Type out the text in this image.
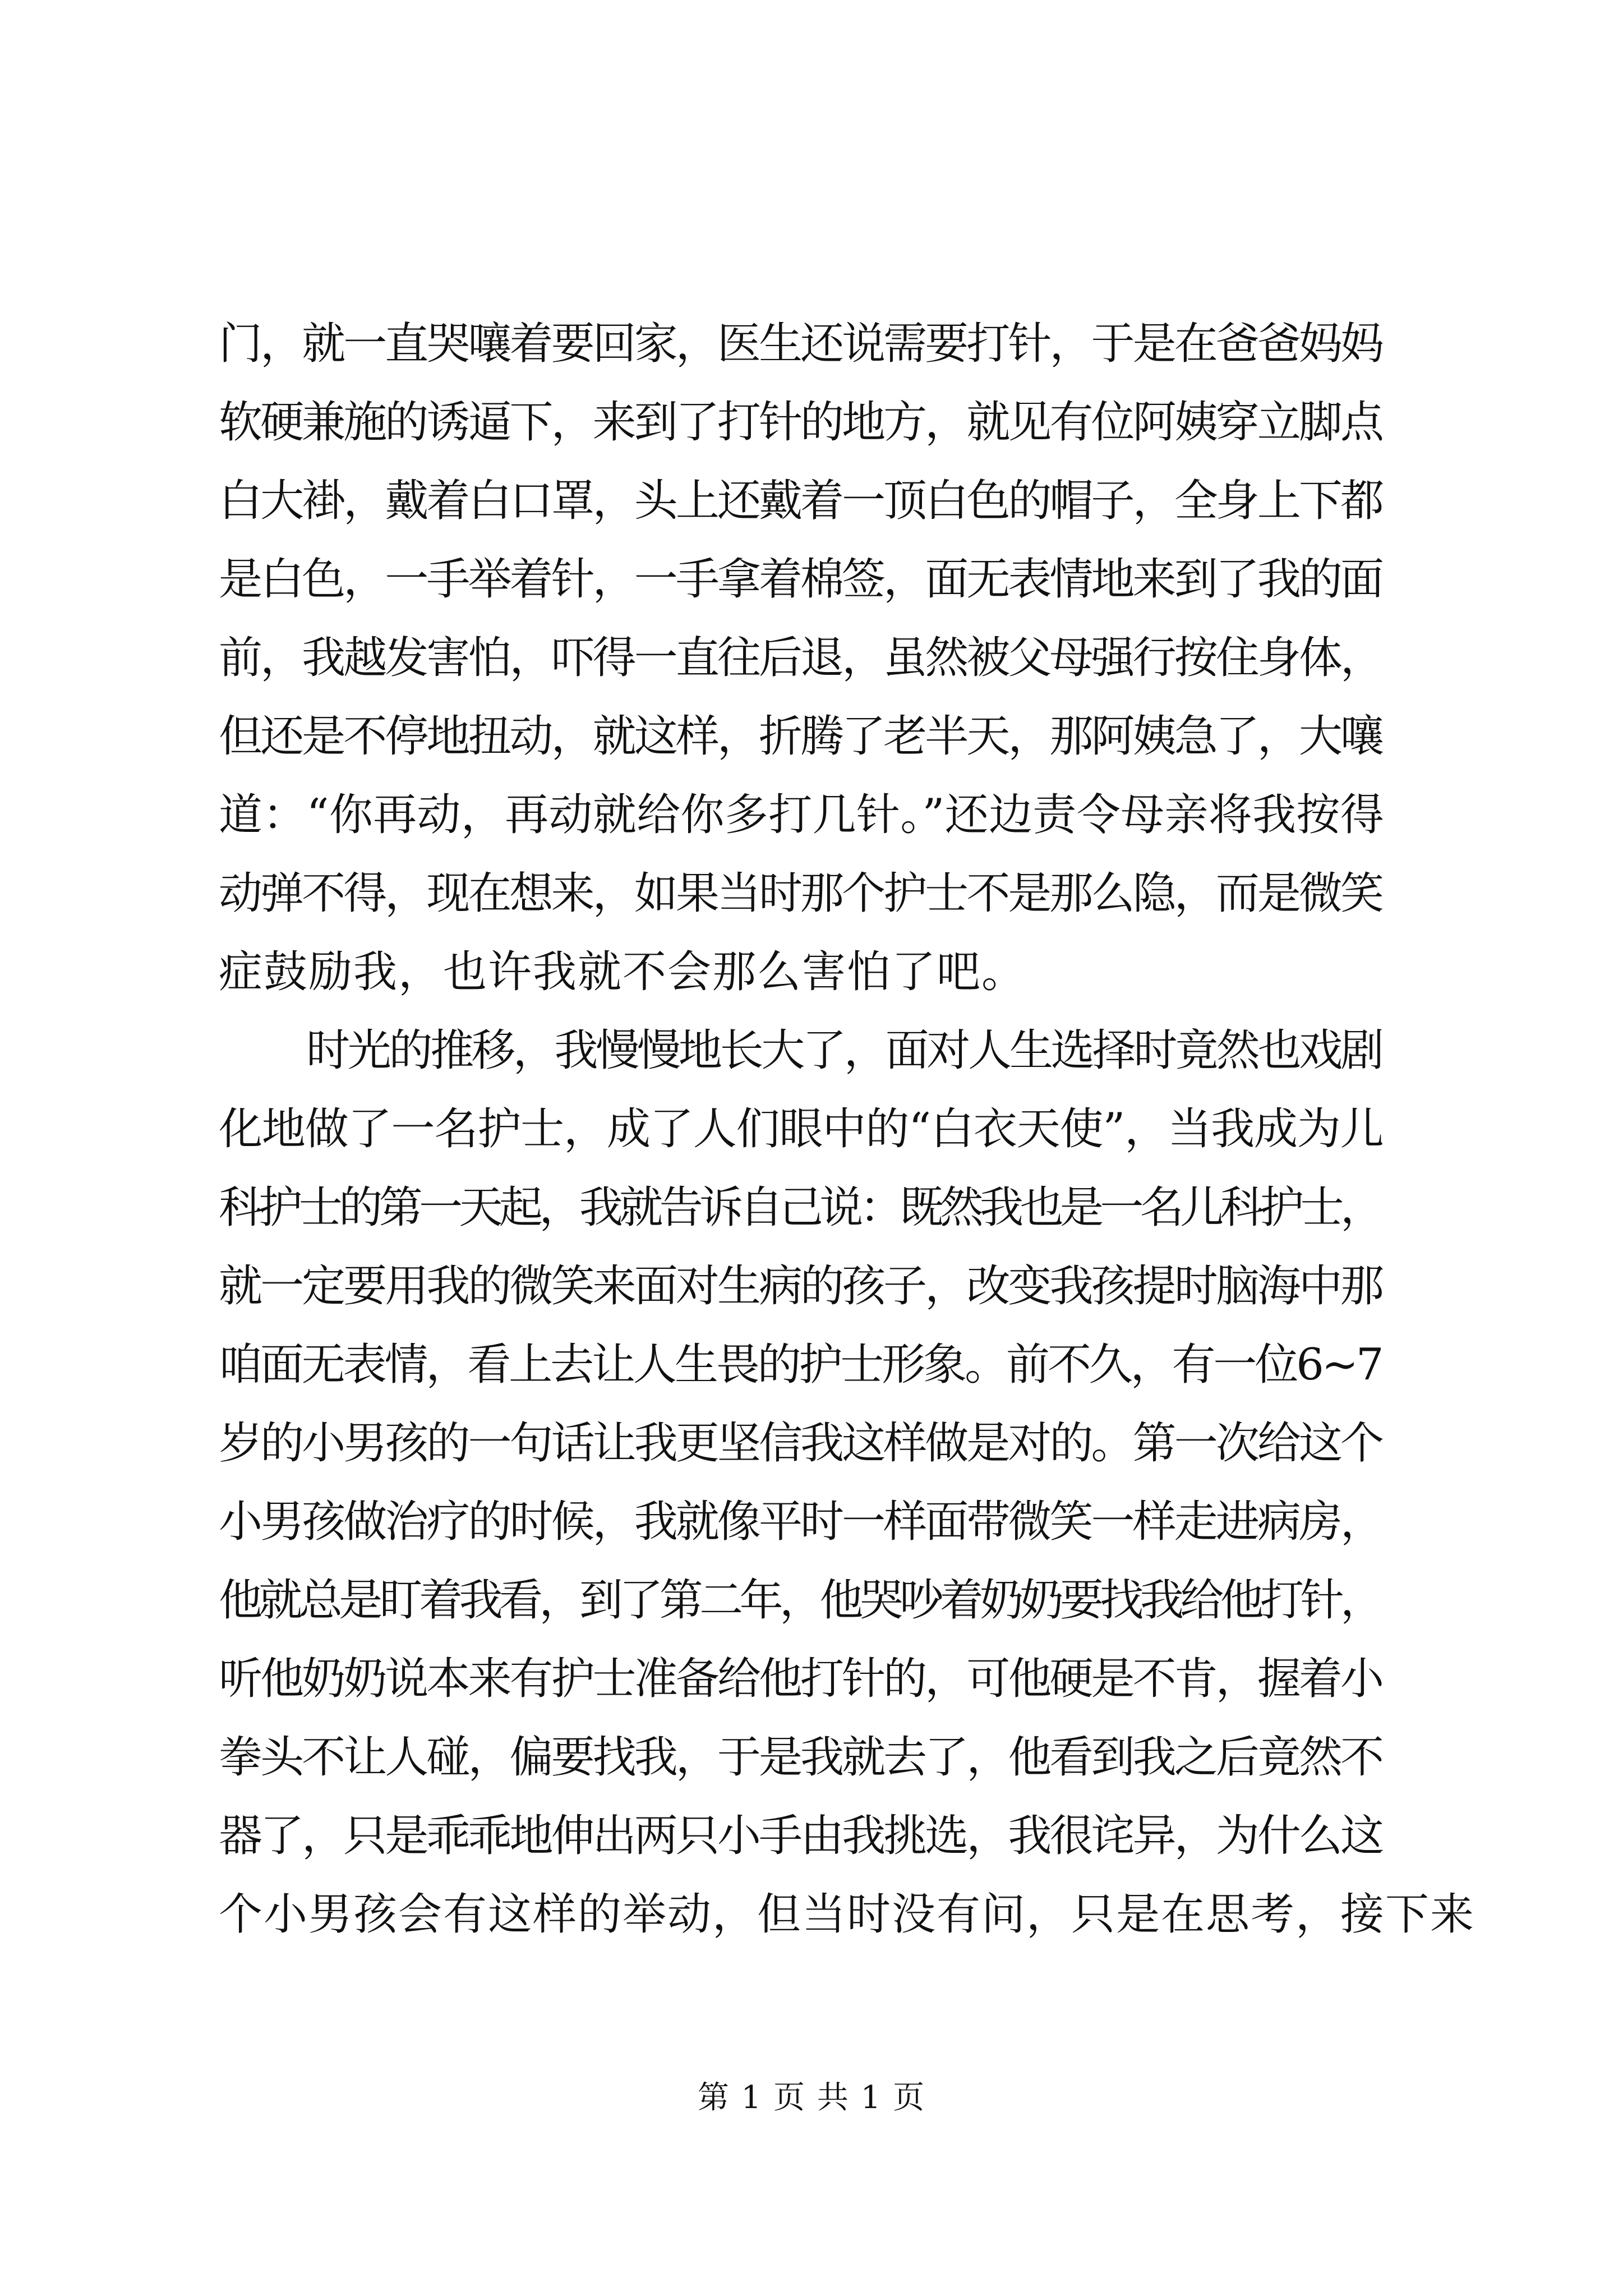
门，就一直哭嚷着要回家，医生还说需要打针，于是在爸爸妈妈
软硬兼施的诱逼下，来到了打针的地方，就见有位阿姨穿立脚点
白大褂，戴着白口罩，头上还戴着一顶白色的帽子，全身上下都
是白色，一手举着针，一手拿着棉签，面无表情地来到了我的面
前，我越发害怕，吓得一直往后退，虽然被父母强行按住身体，
但还是不停地扭动，就这样，折腾了老半天，那阿姨急了，大嚷
道：“你再动，再动就给你多打几针。”还边责令母亲将我按得
动弹不得，现在想来，如果当时那个护士不是那么隐，而是微笑
症鼓励我，也许我就不会那么害怕了吧。
时光的推移，我慢慢地长大了，面对人生选择时竟然也戏剧
化地做了一名护士，成了人们眼中的“白衣天使”，当我成为儿
科护士的第一天起，我就告诉自己说：既然我也是一名儿科护士，
就一定要用我的微笑来面对生病的孩子，改变我孩提时脑海中那
咱面无表情，看上去让人生畏的护士形象。前不久，有一位6~7
岁的小男孩的一句话让我更坚信我这样做是对的。第一次给这个
小男孩做治疗的时候，我就像平时一样面带微笑一样走进病房，
他就总是盯着我看，到了第二年，他哭吵着奶奶要找我给他打针，
听他奶奶说本来有护士准备给他打针的，可他硬是不肯，握着小
拳头不让人碰，偏要找我，于是我就去了，他看到我之后竟然不
器了，只是乖乖地伸出两只小手由我挑选，我很诧异，为什么这
个小男孩会有这样的举动，但当时没有问，只是在思考，接下来
第 1 页 共 1 页
